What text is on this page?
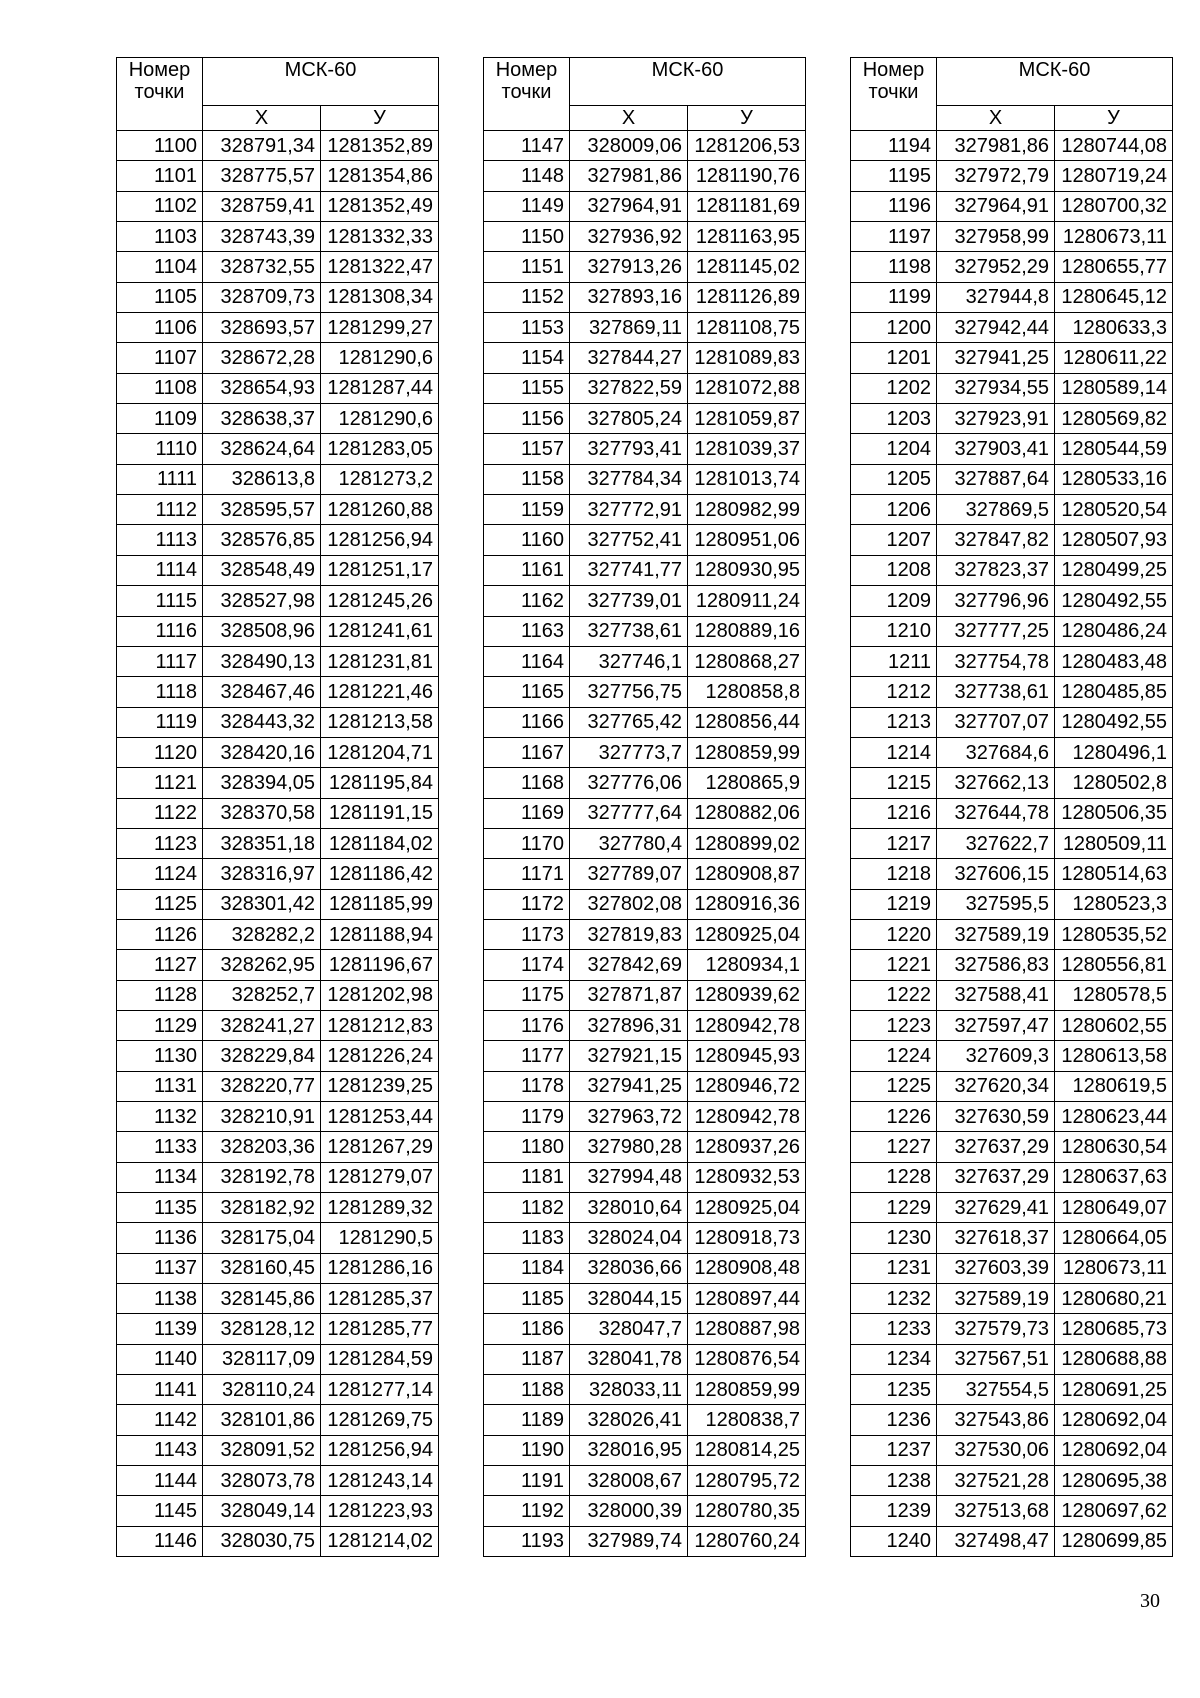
Номер
точки	МСК-60	
	Х	У
1100	328791,34	1281352,89
1101	328775,57	1281354,86
1102	328759,41	1281352,49
1103	328743,39	1281332,33
1104	328732,55	1281322,47
1105	328709,73	1281308,34
1106	328693,57	1281299,27
1107	328672,28	1281290,6
1108	328654,93	1281287,44
1109	328638,37	1281290,6
1110	328624,64	1281283,05
1111	328613,8	1281273,2
1112	328595,57	1281260,88
1113	328576,85	1281256,94
1114	328548,49	1281251,17
1115	328527,98	1281245,26
1116	328508,96	1281241,61
1117	328490,13	1281231,81
1118	328467,46	1281221,46
1119	328443,32	1281213,58
1120	328420,16	1281204,71
1121	328394,05	1281195,84
1122	328370,58	1281191,15
1123	328351,18	1281184,02
1124	328316,97	1281186,42
1125	328301,42	1281185,99
1126	328282,2	1281188,94
1127	328262,95	1281196,67
1128	328252,7	1281202,98
1129	328241,27	1281212,83
1130	328229,84	1281226,24
1131	328220,77	1281239,25
1132	328210,91	1281253,44
1133	328203,36	1281267,29
1134	328192,78	1281279,07
1135	328182,92	1281289,32
1136	328175,04	1281290,5
1137	328160,45	1281286,16
1138	328145,86	1281285,37
1139	328128,12	1281285,77
1140	328117,09	1281284,59
1141	328110,24	1281277,14
1142	328101,86	1281269,75
1143	328091,52	1281256,94
1144	328073,78	1281243,14
1145	328049,14	1281223,93
1146	328030,75	1281214,02
Номер
точки	МСК-60	
	Х	У
1147	328009,06	1281206,53
1148	327981,86	1281190,76
1149	327964,91	1281181,69
1150	327936,92	1281163,95
1151	327913,26	1281145,02
1152	327893,16	1281126,89
1153	327869,11	1281108,75
1154	327844,27	1281089,83
1155	327822,59	1281072,88
1156	327805,24	1281059,87
1157	327793,41	1281039,37
1158	327784,34	1281013,74
1159	327772,91	1280982,99
1160	327752,41	1280951,06
1161	327741,77	1280930,95
1162	327739,01	1280911,24
1163	327738,61	1280889,16
1164	327746,1	1280868,27
1165	327756,75	1280858,8
1166	327765,42	1280856,44
1167	327773,7	1280859,99
1168	327776,06	1280865,9
1169	327777,64	1280882,06
1170	327780,4	1280899,02
1171	327789,07	1280908,87
1172	327802,08	1280916,36
1173	327819,83	1280925,04
1174	327842,69	1280934,1
1175	327871,87	1280939,62
1176	327896,31	1280942,78
1177	327921,15	1280945,93
1178	327941,25	1280946,72
1179	327963,72	1280942,78
1180	327980,28	1280937,26
1181	327994,48	1280932,53
1182	328010,64	1280925,04
1183	328024,04	1280918,73
1184	328036,66	1280908,48
1185	328044,15	1280897,44
1186	328047,7	1280887,98
1187	328041,78	1280876,54
1188	328033,11	1280859,99
1189	328026,41	1280838,7
1190	328016,95	1280814,25
1191	328008,67	1280795,72
1192	328000,39	1280780,35
1193	327989,74	1280760,24
Номер
точки	МСК-60	
	Х	У
1194	327981,86	1280744,08
1195	327972,79	1280719,24
1196	327964,91	1280700,32
1197	327958,99	1280673,11
1198	327952,29	1280655,77
1199	327944,8	1280645,12
1200	327942,44	1280633,3
1201	327941,25	1280611,22
1202	327934,55	1280589,14
1203	327923,91	1280569,82
1204	327903,41	1280544,59
1205	327887,64	1280533,16
1206	327869,5	1280520,54
1207	327847,82	1280507,93
1208	327823,37	1280499,25
1209	327796,96	1280492,55
1210	327777,25	1280486,24
1211	327754,78	1280483,48
1212	327738,61	1280485,85
1213	327707,07	1280492,55
1214	327684,6	1280496,1
1215	327662,13	1280502,8
1216	327644,78	1280506,35
1217	327622,7	1280509,11
1218	327606,15	1280514,63
1219	327595,5	1280523,3
1220	327589,19	1280535,52
1221	327586,83	1280556,81
1222	327588,41	1280578,5
1223	327597,47	1280602,55
1224	327609,3	1280613,58
1225	327620,34	1280619,5
1226	327630,59	1280623,44
1227	327637,29	1280630,54
1228	327637,29	1280637,63
1229	327629,41	1280649,07
1230	327618,37	1280664,05
1231	327603,39	1280673,11
1232	327589,19	1280680,21
1233	327579,73	1280685,73
1234	327567,51	1280688,88
1235	327554,5	1280691,25
1236	327543,86	1280692,04
1237	327530,06	1280692,04
1238	327521,28	1280695,38
1239	327513,68	1280697,62
1240	327498,47	1280699,85
30
